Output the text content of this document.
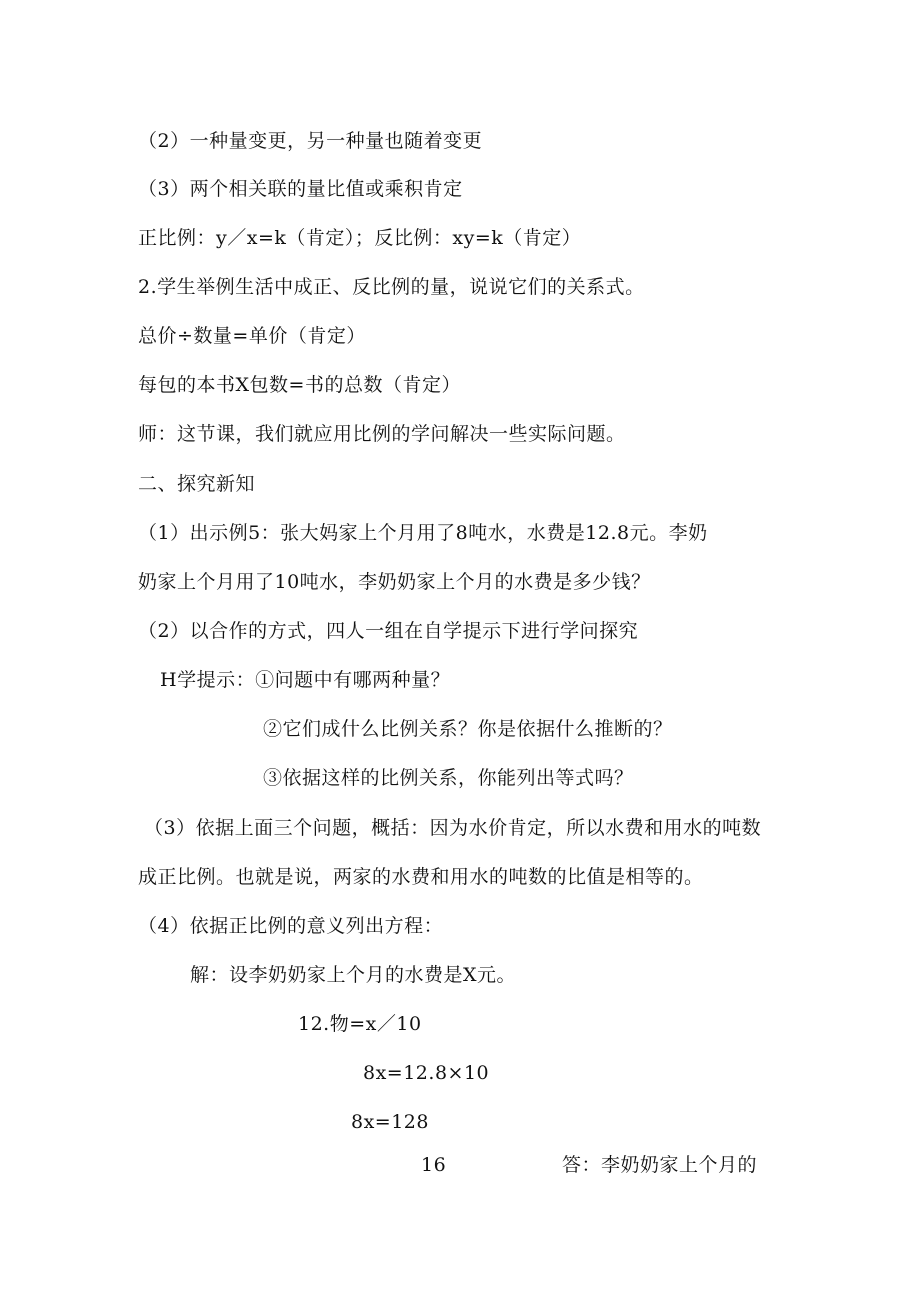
（2）一种量变更，另一种量也随着变更
（3）两个相关联的量比值或乘积肯定
正比例：y／x=k（肯定）；反比例：xy=k（肯定）
2.学生举例生活中成正、反比例的量，说说它们的关系式。
总价÷数量=单价（肯定）
每包的本书X包数=书的总数（肯定）
师：这节课，我们就应用比例的学问解决一些实际问题。
二、探究新知
（1）出示例5：张大妈家上个月用了8吨水，水费是12.8元。李奶
奶家上个月用了10吨水，李奶奶家上个月的水费是多少钱？
（2）以合作的方式，四人一组在自学提示下进行学问探究
H学提示：①问题中有哪两种量？
②它们成什么比例关系？你是依据什么推断的？
③依据这样的比例关系，你能列出等式吗？
（3）依据上面三个问题，概括：因为水价肯定，所以水费和用水的吨数
成正比例。也就是说，两家的水费和用水的吨数的比值是相等的。
（4）依据正比例的意义列出方程：
解：设李奶奶家上个月的水费是X元。
12.物=x／10
8x=12.8×10
8x=128
16	答：李奶奶家上个月的
